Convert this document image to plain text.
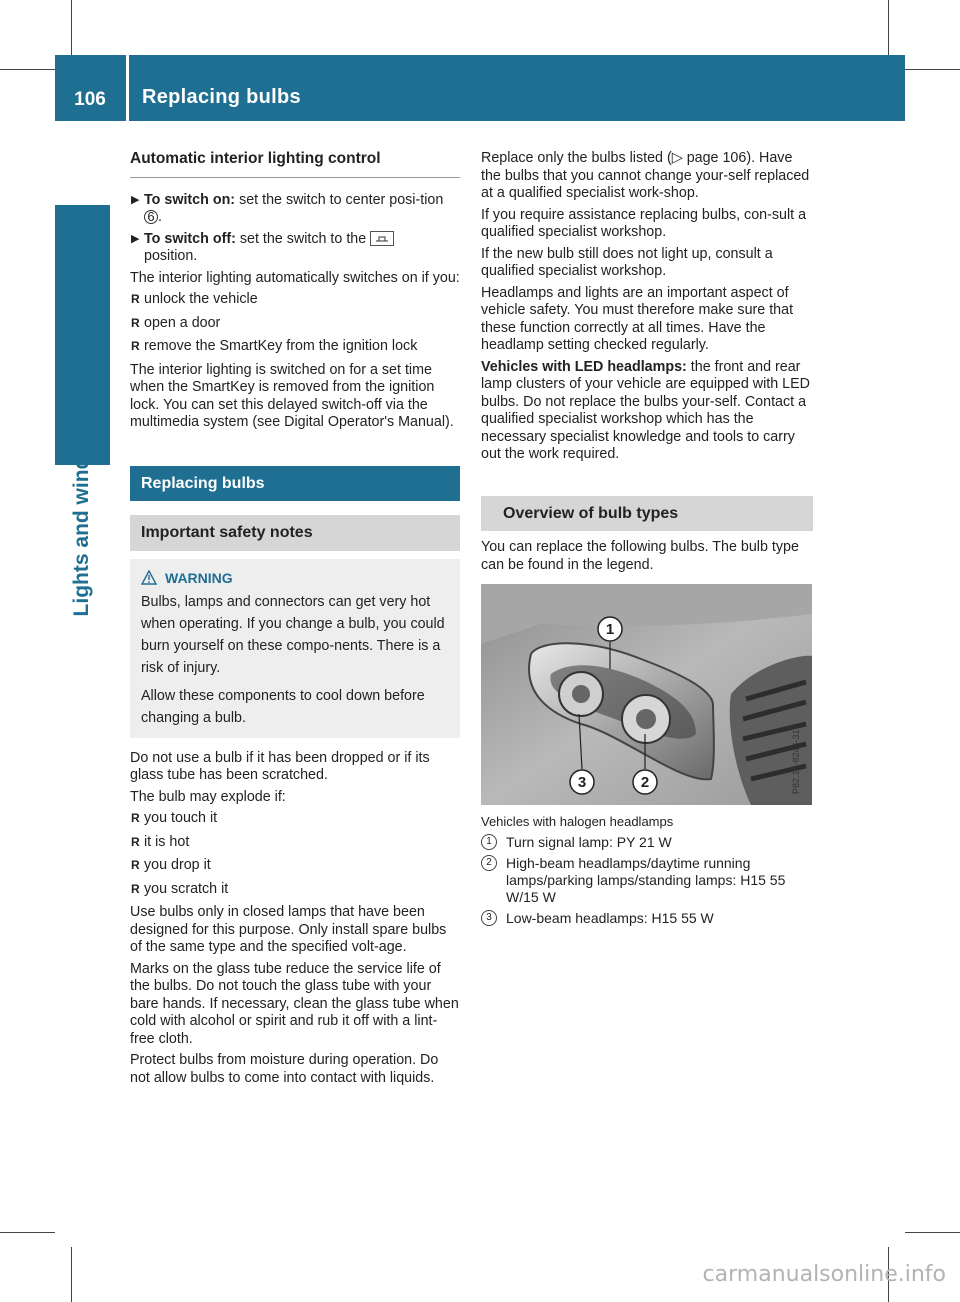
106	Replacing bulbs
Lights and windshield wipers
Automatic interior lighting control
▶ To switch on: set the switch to center posi-tion 6 .
▶ To switch off: set the switch to the
position.

The interior lighting automatically switches on if you:

R unlock the vehicle
R open a door
R remove the SmartKey from the ignition lock

The interior lighting is switched on for a set time when the SmartKey is removed from the ignition lock. You can set this delayed switch-off via the multimedia system (see Digital Operator's Manual).

Replacing bulbs
Important safety notes
WARNING

Bulbs, lamps and connectors can get very hot when operating. If you change a bulb, you could burn yourself on these compo-nents. There is a risk of injury.

Allow these components to cool down before changing a bulb.

Do not use a bulb if it has been dropped or if its glass tube has been scratched.

The bulb may explode if:

R you touch it
R it is hot
R you drop it
R you scratch it

Use bulbs only in closed lamps that have been designed for this purpose. Only install spare bulbs of the same type and the specified volt-age.

Marks on the glass tube reduce the service life of the bulbs. Do not touch the glass tube with your bare hands. If necessary, clean the glass tube when cold with alcohol or spirit and rub it off with a lint-free cloth.

Protect bulbs from moisture during operation. Do not allow bulbs to come into contact with liquids.

Replace only the bulbs listed (▷ page 106). Have the bulbs that you cannot change your-self replaced at a qualified specialist work-shop.

If you require assistance replacing bulbs, con-sult a qualified specialist workshop.

If the new bulb still does not light up, consult a qualified specialist workshop.

Headlamps and lights are an important aspect of vehicle safety. You must therefore make sure that these function correctly at all times. Have the headlamp setting checked regularly.

Vehicles with LED headlamps: the front and rear lamp clusters of your vehicle are equipped with LED bulbs. Do not replace the bulbs your-self. Contact a qualified specialist workshop which has the necessary specialist knowledge and tools to carry out the work required.

Overview of bulb types

You can replace the following bulbs. The bulb type can be found in the legend.

1
2
3	P82.10-8246-31

Vehicles with halogen headlamps

1	Turn signal lamp: PY 21 W
2	High-beam headlamps/daytime running lamps/parking lamps/standing lamps: H15 55 W/15 W
3	Low-beam headlamps: H15 55 W
carmanualsonline.info
